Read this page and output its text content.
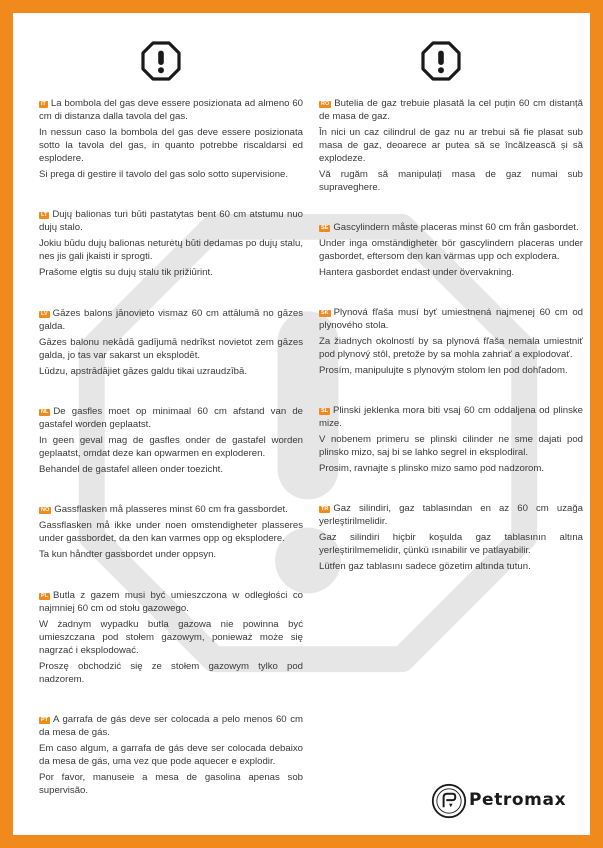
IT La bombola del gas deve essere posizionata ad almeno 60 cm di distanza dalla tavola del gas.

In nessun caso la bombola del gas deve essere posizionata sotto la tavola del gas, in quanto potrebbe riscaldarsi ed esplodere.

Si prega di gestire il tavolo del gas solo sotto supervisione.

LT Dujų balionas turi būti pastatytas bent 60 cm atstumu nuo dujų stalo.

Jokiu būdu dujų balionas neturėtų būti dedamas po dujų stalu, nes jis gali įkaisti ir sprogti.

Prašome elgtis su dujų stalu tik prižiūrint.

LV Gāzes balons jānovieto vismaz 60 cm attālumā no gāzes galda.

Gāzes balonu nekādā gadījumā nedrīkst novietot zem gāzes galda, jo tas var sakarst un eksplodēt.

Lūdzu, apstrādājiet gāzes galdu tikai uzraudzībā.

NL De gasfles moet op minimaal 60 cm afstand van de gastafel worden geplaatst.

In geen geval mag de gasfles onder de gastafel worden geplaatst, omdat deze kan opwarmen en exploderen.

Behandel de gastafel alleen onder toezicht.

NO Gassflasken må plasseres minst 60 cm fra gassbordet.

Gassflasken må ikke under noen omstendigheter plasseres under gassbordet, da den kan varmes opp og eksplodere.

Ta kun håndter gassbordet under oppsyn.

PL Butla z gazem musi być umieszczona w odległości co najmniej 60 cm od stołu gazowego.

W żadnym wypadku butla gazowa nie powinna być umieszczana pod stołem gazowym, ponieważ może się nagrzać i eksplodować.

Proszę obchodzić się ze stołem gazowym tylko pod nadzorem.

PT A garrafa de gás deve ser colocada a pelo menos 60 cm da mesa de gás.

Em caso algum, a garrafa de gás deve ser colocada debaixo da mesa de gás, uma vez que pode aquecer e explodir.

Por favor, manuseie a mesa de gasolina apenas sob supervisão.

RO Butelia de gaz trebuie plasată la cel puțin 60 cm distanță de masa de gaz.

În nici un caz cilindrul de gaz nu ar trebui să fie plasat sub masa de gaz, deoarece ar putea să se încălzească și să explodeze.

Vă rugăm să manipulați masa de gaz numai sub supraveghere.

SE Gascylindern måste placeras minst 60 cm från gasbordet.

Under inga omständigheter bör gascylindern placeras under gasbordet, eftersom den kan värmas upp och explodera.

Hantera gasbordet endast under övervakning.

SK Plynová fľaša musí byť umiestnená najmenej 60 cm od plynového stola.

Za žiadnych okolností by sa plynová fľaša nemala umiestniť pod plynový stôl, pretože by sa mohla zahriať a explodovať.

Prosím, manipulujte s plynovým stolom len pod dohľadom.

SL Plinski jeklenka mora biti vsaj 60 cm oddaljena od plinske mize.

V nobenem primeru se plinski cilinder ne sme dajati pod plinsko mizo, saj bi se lahko segrel in eksplodiral.

Prosim, ravnajte s plinsko mizo samo pod nadzorom.

TR Gaz silindiri, gaz tablasından en az 60 cm uzağa yerleştirilmelidir.

Gaz silindiri hiçbir koşulda gaz tablasının altına yerleştirilmemelidir, çünkü ısınabilir ve patlayabilir.

Lütfen gaz tablasını sadece gözetim altında tutun.

Petromax
